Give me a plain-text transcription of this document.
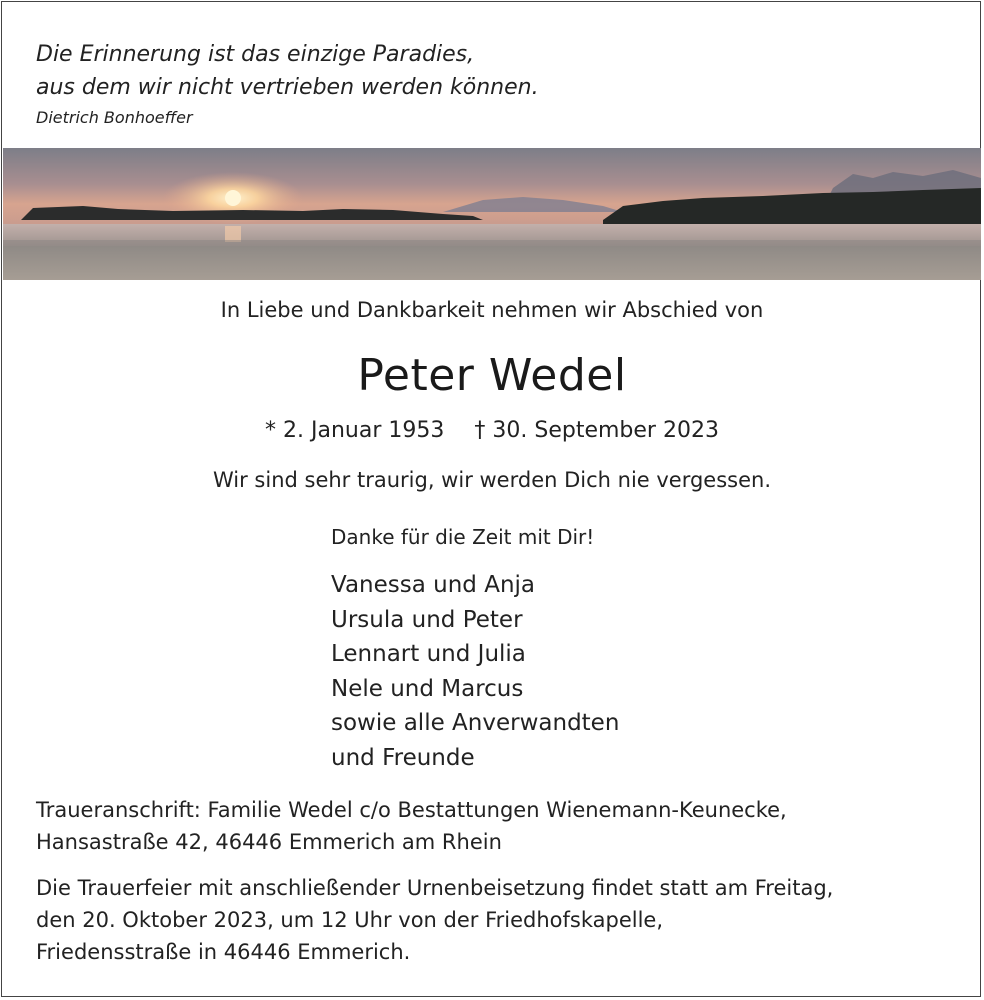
Die Erinnerung ist das einzige Paradies,
aus dem wir nicht vertrieben werden können.
Dietrich Bonhoeffer
In Liebe und Dankbarkeit nehmen wir Abschied von
Peter Wedel
* 2. Januar 1953 † 30. September 2023
Wir sind sehr traurig, wir werden Dich nie vergessen.
Danke für die Zeit mit Dir!
Vanessa und Anja
Ursula und Peter
Lennart und Julia
Nele und Marcus
sowie alle Anverwandten
und Freunde
Traueranschrift: Familie Wedel c/o Bestattungen Wienemann-Keunecke,
Hansastraße 42, 46446 Emmerich am Rhein
Die Trauerfeier mit anschließender Urnenbeisetzung findet statt am Freitag,
den 20. Oktober 2023, um 12 Uhr von der Friedhofskapelle,
Friedensstraße in 46446 Emmerich.
